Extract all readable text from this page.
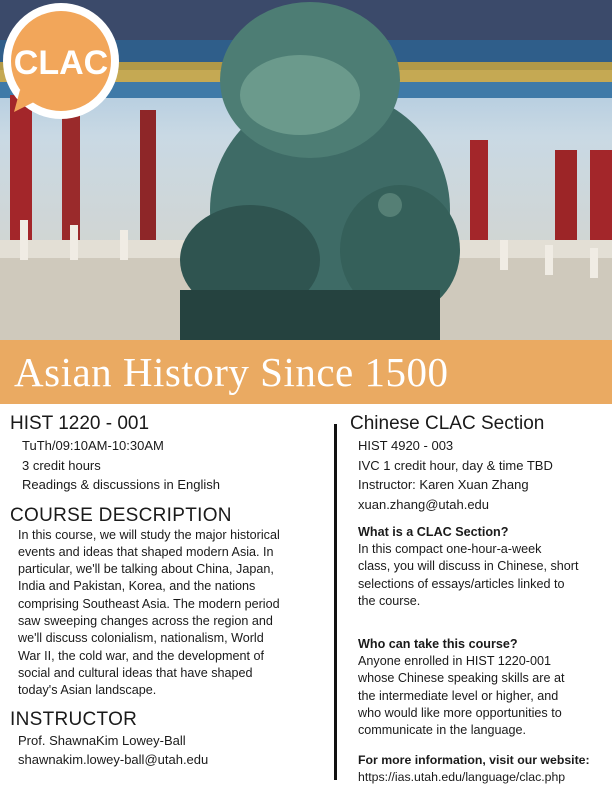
CLAC
Asian History Since 1500
HIST 1220 - 001
TuTh/09:10AM-10:30AM
3 credit hours
Readings & discussions in English
COURSE DESCRIPTION
In this course, we will study the major historical
events and ideas that shaped modern Asia. In
particular, we'll be talking about China, Japan,
India and Pakistan, Korea, and the nations
comprising Southeast Asia. The modern period
saw sweeping changes across the region and
we'll discuss colonialism, nationalism, World
War II, the cold war, and the development of
social and cultural ideas that have shaped
today's Asian landscape.
INSTRUCTOR
Prof. ShawnaKim Lowey-Ball
shawnakim.lowey-ball@utah.edu
Chinese CLAC Section
HIST 4920 - 003
IVC 1 credit hour, day & time TBD
Instructor: Karen Xuan Zhang
xuan.zhang@utah.edu
What is a CLAC Section?
In this compact one-hour-a-week
class, you will discuss in Chinese, short
selections of essays/articles linked to
the course.
Who can take this course?
Anyone enrolled in HIST 1220-001
whose Chinese speaking skills are at
the intermediate level or higher, and
who would like more opportunities to
communicate in the language.
For more information, visit our website:
https://ias.utah.edu/language/clac.php
